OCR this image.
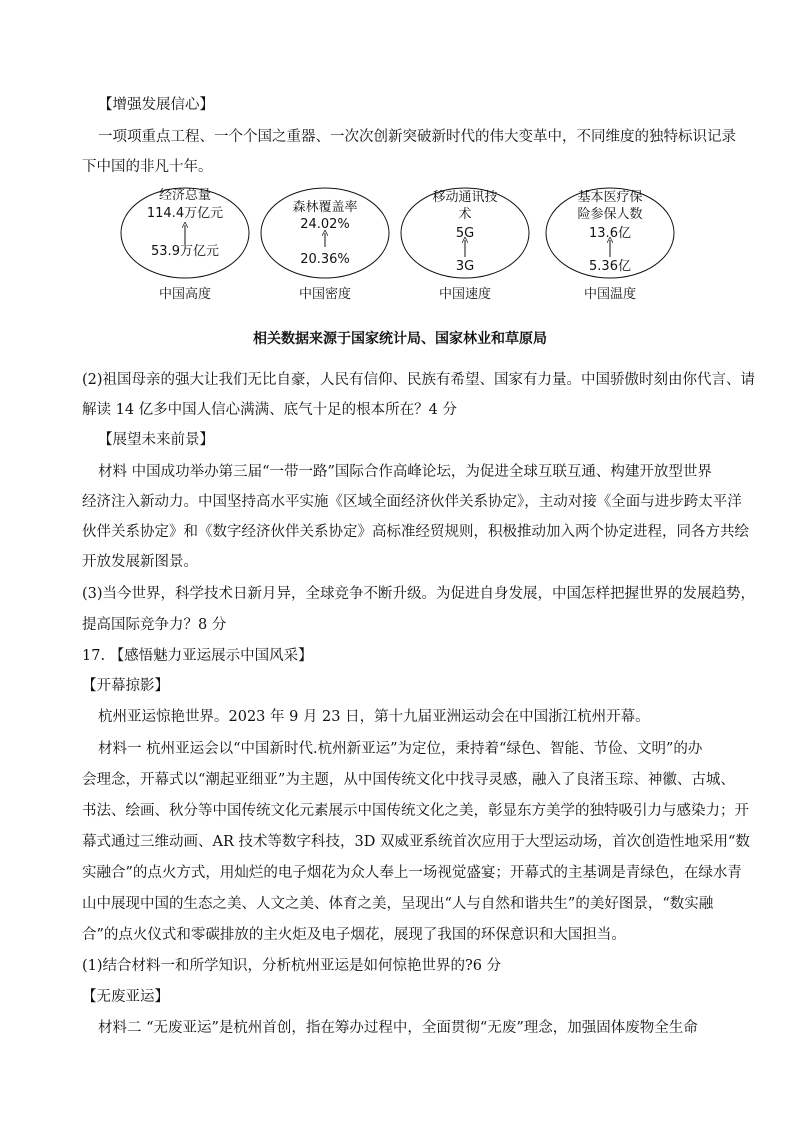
【增强发展信心】
一项项重点工程、一个个国之重器、一次次创新突破新时代的伟大变革中，不同维度的独特标识记录
下中国的非凡十年。
经济总量
114.4万亿元
53.9万亿元
森林覆盖率
24.02%
20.36%
移动通讯技
术
5G
3G
基本医疗保
险参保人数
13.6亿
5.36亿
中国高度	中国密度	中国速度	中国温度
相关数据来源于国家统计局、国家林业和草原局
(2)祖国母亲的强大让我们无比自豪，人民有信仰、民族有希望、国家有力量。中国骄傲时刻由你代言、请
解读 14 亿多中国人信心满满、底气十足的根本所在？4 分
【展望未来前景】
材料 中国成功举办第三届“一带一路”国际合作高峰论坛，为促进全球互联互通、构建开放型世界
经济注入新动力。中国坚持高水平实施《区域全面经济伙伴关系协定》，主动对接《全面与进步跨太平洋
伙伴关系协定》和《数字经济伙伴关系协定》高标准经贸规则，积极推动加入两个协定进程，同各方共绘
开放发展新图景。
(3)当今世界，科学技术日新月异，全球竞争不断升级。为促进自身发展，中国怎样把握世界的发展趋势，
提高国际竞争力？8 分
17. 【感悟魅力亚运展示中国风采】
【开幕掠影】
杭州亚运惊艳世界。2023 年 9 月 23 日，第十九届亚洲运动会在中国浙江杭州开幕。
材料一 杭州亚运会以“中国新时代.杭州新亚运”为定位，秉持着“绿色、智能、节俭、文明”的办
会理念，开幕式以“潮起亚细亚”为主题，从中国传统文化中找寻灵感，融入了良渚玉琮、神徽、古城、
书法、绘画、秋分等中国传统文化元素展示中国传统文化之美，彰显东方美学的独特吸引力与感染力；开
幕式通过三维动画、AR 技术等数字科技，3D 双威亚系统首次应用于大型运动场，首次创造性地采用“数
实融合”的点火方式，用灿烂的电子烟花为众人奉上一场视觉盛宴；开幕式的主基调是青绿色，在绿水青
山中展现中国的生态之美、人文之美、体育之美，呈现出“人与自然和谐共生”的美好图景，“数实融
合”的点火仪式和零碳排放的主火炬及电子烟花，展现了我国的环保意识和大国担当。
(1)结合材料一和所学知识，分析杭州亚运是如何惊艳世界的?6 分
【无废亚运】
材料二 “无废亚运”是杭州首创，指在筹办过程中，全面贯彻“无废”理念，加强固体废物全生命
